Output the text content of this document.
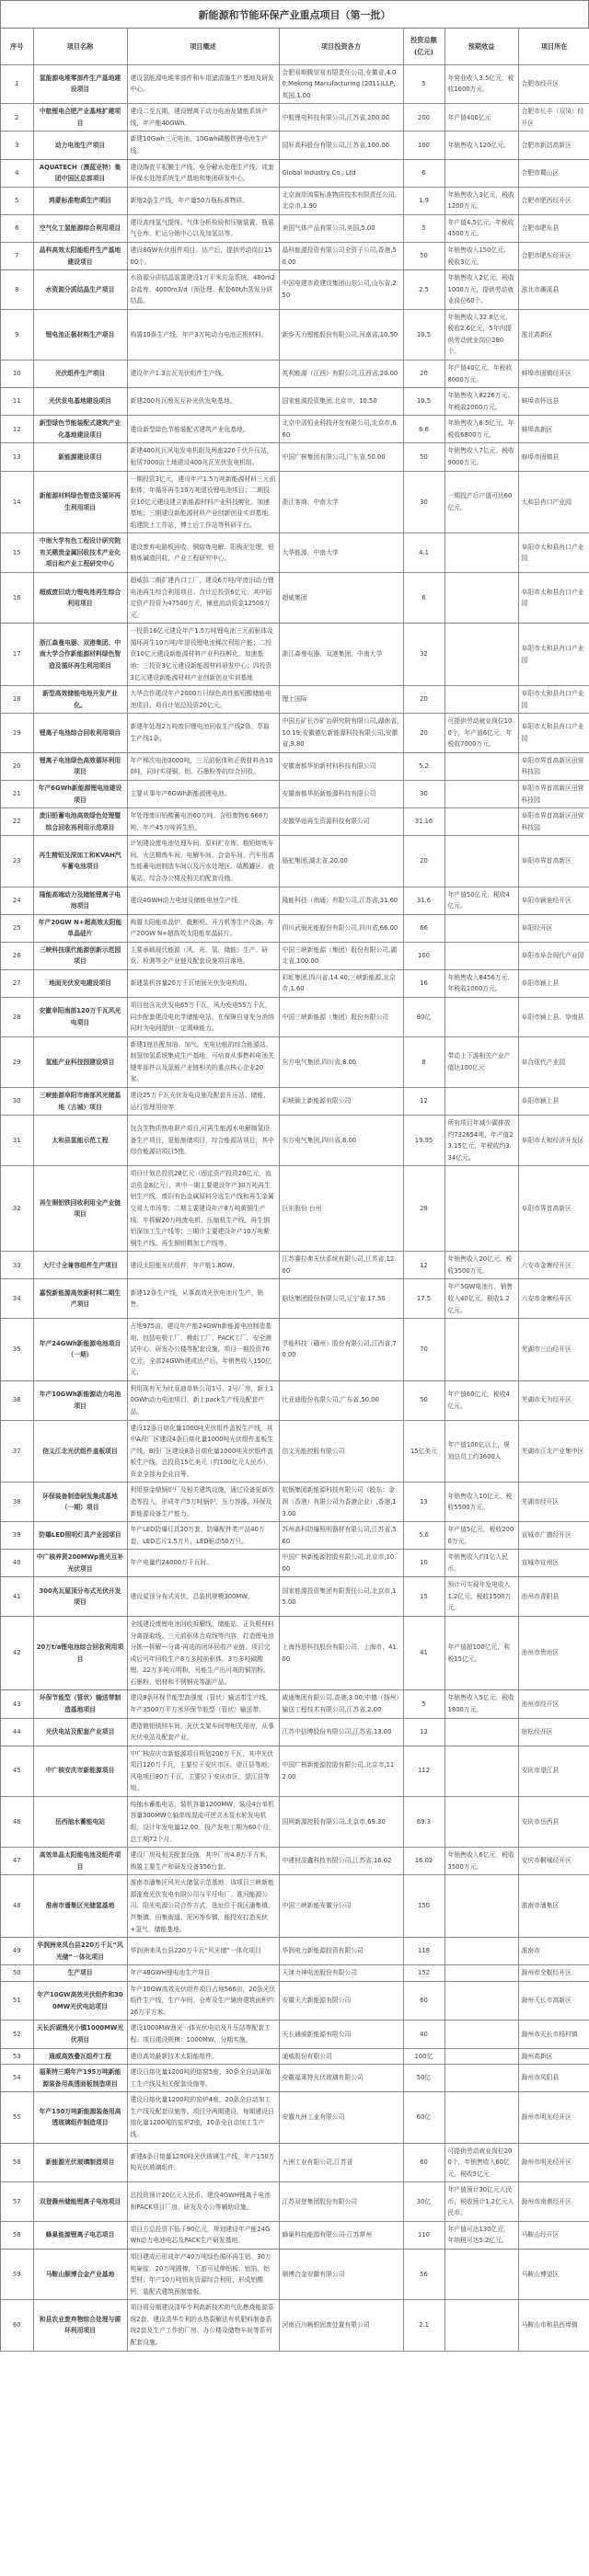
新能源和节能环保产业重点项目（第一批）
序号	项目名称	项目概述	项目投资各方	投资总额
(亿元)	预期效益	项目所在
1	氢能源电堆零部件生产基地建设项目	建设氢能源电堆零部件和车用滤清器生产基地及研发中心。	合肥易斯腾贸易有限责任公司,安徽省,4.00;Mekong Manufacturing (2011)LLP,英国,1.00	5	年营业收入3.5亿元，税收1600万元。	合肥市经开区
2	中航锂电合肥产业基地扩建项目	建设二至五期，建设锂离子动力电池及储能系统产线，年产能40GWh。	中航锂电科技有限公司,江苏省,200.00	200	年产值400亿元	合肥市长丰（双凤）经开区
3	动力电池生产项目	新建10Gwh三元电池，10Gwh磷酸铁锂电池生产线。	国轩高科股份有限公司,江苏省,100.00	100	年销售收入120亿元。	合肥市新站高新区
4	AQUATECH（澳蓝亚特）集团中国区总部项目	建设陶瓷平板膜生产线、电分解水处理生产线、成套环保水处理系统生产基地和集团研发中心。	Global Industry Co., Ltd	6		合肥市蜀山区
5	鸿蒙标准物质生产项目	新增2条生产线，年产量50万瓶标准物质。	北京海岸鸿蒙标准物质技术有限责任公司,北京市,1.90	1.9	年销售收入3亿元，税收1200万元。	合肥市肥西经开区
6	空气化工氢能源综合利用项目	建设高纯氢气提纯、气体分析检验和压缩装置、瓶装气仓库、贮运分销中心以及加氢站等。	美国气体产品有限公司,美国,5.00	5	年产值4.5亿元，年税收4500万元。	合肥市肥东县
7	晶科高效太阳能组件生产基地建设项目	建设8GW光伏组件项目。达产后，提供劳动岗位1500个。	晶科能源投资有限公司全资子公司,香港,50.00	50	年销售收入150亿元、税收3亿元。	合肥市肥东经开区
8	水资源分质结晶生产项目	水资源分质结晶装置建设1万平米应急系统、480m2杂盐库、4000m3/d（预处理、配套60t/h蒸发分质结晶。	中国电建市政建设集团山东公司,山东省,2.50	2.5	年销售收入2亿元、税收1000万元，提供劳动就业岗位60个。	淮北市濉溪县
9	锂电池正极材料生产项目	购置10条生产线，年产3万吨动力电池正极材料。	新乡天力锂能股份有限公司,河南省,10.50	10.5	年销售收入32.8亿元、税收2.6亿元，5年内提供劳动就业岗位280个。	淮北高新区
10	光伏组件生产项目	建设年产1.3吉瓦光伏组件生产线。	英利能源（江西）有限公司,江西省,20.00	20	年产值40亿元、年税收8000万元。	蚌埠市固镇经开区
11	光伏发电基地建设项目	新建200兆瓦渔光互补光伏发电基地。	国家能源投资集团,北京市，10.50	10.5	年销售收入8226万元、年税收2000万元。	蚌埠市怀远县
12	新型绿色节能装配式建筑产业化基地建设项目	建设新型绿色节能装配式建筑产业化基地。	北京中清恒业科技开发有限公司,北京市,6.60	6.6	年销售收入8.5亿元、年税收6800万元。	蚌埠高新区
13	新能源建设项目	新建400兆瓦风电发电机组及两座220千伏升压站，租赁7000亩土地建设400兆瓦光伏发电机组。	中国广核集团有限公司,广东省,50.00	50	年销售收入7亿元、税收9000万元。	蚌埠市固镇县
14	新能源材料绿色智造及循环再生利用项目	一期投资3亿元，建设年产1.5万吨新能源材料三元前驱体，年循环再生10万吨退役锂电池项目；二期投资10亿元建设建立新能源材料产业科技孵化、加速基地；三期建设新能源材料产业创新创业实训基地，组建院士工作站，博士后工作站等科研平台。	浙江客商、中南大学	30	一期投产后产值可达60亿元。	太和县肖口产业园
15	中南大学有色工程设计研究院有关稀贵金属回收技术产业化项目和产业工程研究中心	建设废弃电路板回收、铜熔炼电解、阳极泥处理、铅精炼碱渣回收，产业工程研究中心。	大华能源、中南大学	4.1		阜阳市太和县肖口产业园
16	超威废旧动力锂电池再生综合利用项目	超威拟二期扩建肖口工厂，建设6万吨/年废旧动力锂电池再生综合利用项目。合计总投资6亿元，其中固定资产投资为47500万元，铺底流动资金12500万元。	超威集团	6		阜阳市太和县肖口产业园
17	浙江森曼电器、双港集团、中南大学合作新能源材料绿色智造及循环再生利用项目	一投资16亿元建设年产1.5万吨锂电池三元前驱体及循环再生10万吨/年退役锂电池梯次利用产能；二投资10亿元建设新能源材料产业科技孵化、加速基地；三投资3亿元建设新能源材料研发中心；四投资3亿元建设新能源材料产业创新创业实训基地	浙江森曼电器、双港集团、中南大学	32		阜阳市太和县肖口产业园
18	新型高效储能电池开发产业化。	大华合作建设年产2000万只绿色高性能铅酸储能电池项目。项目计划总投资20亿元。	理士国际	20		阜阳市太和县肖口产业园
19	锂离子电池综合回收利用项目	新建年处理2万吨废旧锂电池回收生产线2条、萃取生产线1条。	中国五矿长沙矿冶研究院有限公司,湖南省,10.19;安徽德亿新能源科技有限公司,安徽省,9.80	20	可提供劳动就业岗位100个，年产值6亿元、年税收7000万元。	阜阳市太和县肖口产业园
20	锂离子电池绿色高效循环利用项目	年产梯次电池3000吨，三元前驱体和正极材料各100吨，同时实现铜、铝、石墨粉等的综合回收。	安徽南都华铂新材料科技有限公司	5.2		阜阳市界首高新区田营科技园
21	年产6GWh新能源锂电池建设项目	主要从事年产6GWh新能源锂电池。	安徽南都华拓新能源科技有限公司	30		阜阳市界首高新区田营科技园
22	废旧铅蓄电池高效绿色处理暨综合回收再利用示范项目	年处理废旧铅酸蓄电池60万吨、含铅废物6.666万吨，年产45万吨再生铅。	安徽华铂再生资源科技有限公司	31.16		阜阳市界首高新区田营科技园
23	再生精铅及深加工和KVAH汽车蓄电池项目	计划建设废电池处理车间、原料贮存库、粗铅熔炼车间、火法精炼车间、电解车间、合金车间、汽车用高性能蓄电池制造车间以及污水处理区、硫酸罐区、液氧站、综合办公楼及相关的配套设施。	骆驼集团,湖北省,20.00	20		阜阳市界首高新区
24	隆能高端动力及储能锂离子电池项目	建设4GWH动力电池及储能电池生产线。	隆能科技（南通）有限公司,江苏省,31.60	31.6	年产值50亿元，税收4亿元。	阜阳市颍泉经开区
25	年产20GW N+超高效太阳能单晶硅片	购置太阳能单晶炉、截断机、开方机等生产设备，年产20GW N+超高效太阳能单晶硅片。	四川武骏光能股份有限公司,四川省,66.00	66		阜阳经开区
26	三峡科技现代能源创新示范园项目	主要承载现代能源（风、光、氢、储能）生产、研发、检测等全产业链及配套设施项目落地。	中国三峡新能源（集团）股份有限公司,湖北省,100.00	100		阜阳市阜合现代产业园
27	地面光伏发电建设项目	新建装机容量20万千瓦地面光伏发电机组。	彩虹集团,四川省,14.40;三峡新能源,北京市,1.60	16	年销售收入8456万元、年税收1000万元。	阜阳市颍上县
28	安徽阜阳南部120万千瓦风光电项目	项目包含光伏发电65万千瓦，风力发电55万千瓦，同步配套建设电化学储能电站，在保障自身充分消纳同时为电网提供一定调峰能力。	中国三峡新能源（集团）股份有限公司	80亿		阜阳市颍上县、阜南县
29	氢能产业科技园建设项目	新建1座匹配加油、加气、充电功能的综合能源站、制氢加氢系统集成生产基地，可培育从事燃料电池关键零部件以及氢能产业链相关的重点核心企业20家。	东方电气集团,四川省,8.00	8	带动上下游相关产业产值达100亿元	阜合现代产业园
30	三峡能源阜阳市南部风光储基地（古城）项目	建设25万千瓦光伏发电设施及配套升压站、储能、运行管理用房等	彩峡颍上新能源有限公司	12		阜阳市颍上县
31	太和县氢能示范工程	包含生物质热电联产项目,可再生能源水电解制氢设备生产项目，氢能制储项目，综合能源站项目，其中综合能源站项目5座。	东方电气集团,四川省,8.00	19.95	所有项目年减少碳排放约732654吨，年产值23.15亿元，年税收约3.34亿元。	阜阳市太和经济开发区
32	再生铜铝铁回收利用全产业链项目	项目计划总投资28亿元（固定资产投资20亿元，流动资金8亿元），其中一期主要建设年产30万吨再生铝生产线、废旧有色金属原料分选生产线和再生金属交易大市场等；二期主要建设年产8万吨黄铜生产线、年拆解20万吨废电机、压缩机生产线、再生铜铝深加工生产线等；三期计主要建设年产10万吨紫铜生产线、再生铜铝精加工产线等。	巨东股份 台州	28		阜阳市界首高新区
33	大尺寸全兼容组件生产项目	建设太阳能光伏组件，年产能1.8GW。	江苏赛拉弗光伏系统有限公司,江苏省,12.00	12	年销售收入20亿元、税收3500万元。	六安市金寨经开区
34	嘉悦新能源高效新材料二期生产项目	新建12条生产线，从事高效光伏电池片生产、销售。	晗达集团股份有限公司,辽宁省,17.50	17.5	年产5GW电池片，销售收入40亿元、税收1.2亿元。	六安市金寨经开区
35	年产24GWh新能源电池项目（一期）	占地975亩，建设年产能24GWh新能源电池制造基地，包括电极工厂、模组工厂、PACK工厂、安全测试中心、研发办公楼等配套设施。项目一期投资70亿元，全部24GWh建成达产后，年销售收入150亿元,	孚能科技（赣州）股份有限公司,江西省,70.00	70		芜湖市三山经开区
36	年产10GWh新能源动力电池项目	利用现有无为比亚迪单轨公司1号、2号厂房，新上10GWh动力电池项目，新上pack生产线及配套产品。	比亚迪股份有限公司,广东省,50.00	50	年产值60亿元，税收4亿元。	芜湖市无为经开区
37	信义江北光伏组件盖板项目	建设12条日熔化量1000吨光伏组件盖板生产线，其中A段厂区建设4条日熔化量1000吨光伏组件盖板生产线，B段厂区建设8条日熔化量1000吨光伏组件盖板生产线。总投资15亿美元（约100亿元人民币），资金全部为企业自筹。	信义光能控股有限公司	15亿美元	年产值100亿以上，规划总员工约3600人	芜湖市江北产业集中区
38	环保装备制造研发集成基地（一期）项目	利用原金鼎锅炉厂及相关建筑设施，通过设备更新改造等投入，形成年产5万吨锅炉、压力容器、环保及新能源设备生产能力。	杭锅集团新能源科技有限公司（股东：金润（香港）有限公司为香港企业）,香港,13.00	13	年销售收入10亿元、税收5500万元。	芜湖市经开区
39	防爆LED照明灯具产业园项目	年产LED防爆灯具20万套，防爆配件类产品40万套，LED芯片1.5万片，LED驱动50万只。	苏州高科防爆照明器材有限公司,江苏省,5.60	5.6	年产值5亿元，税收2000万元。	宣城市广德经开区
40	中广核养贤200MWp渔光互补光伏项目	年产电量约24000万千瓦时。	中国广核新能源控股有限公司,北京市,10.00	10	年销售收入约1亿人民币。	宣城市宣州区
41	300兆瓦屋顶分布式光伏开发项目	建设屋顶分布式光伏，总装机规模300MW。	国家能源投资集团有限责任公司,北京市,15.00	15	预计可实现年发电收入1.2亿元、税收1500万元。	池州市青阳县
42	20万t/a锂电池综合回收利用项目	全线建设废锂电池回收拆解线、储能站、正负极材料分离提取线、三元前驱体合成线等内容，打造锂电池分拣—拆解—分离-再选的闭环回收产业链。项目完成后可年回收生产8万多吨前驱体、3万多吨碳酸锂、22万多吨元明粉，另能生产出可观的铜箔粉、石墨粉、铝材和不锈钢壳等副产品。	上海西恩科技股份有限公司，上海市，41.00	41	年产值超100亿元，利税15亿元。	池州市贵池区
43	环保节能型（管状）输送带制造基地项目	建设8条环保节能型高强度（管状）输送带生产线，年产3500万平方米环保节能型（管状）输送带。	威通集团有限公司,香港,3.00;中德（扬州）输送工程技术有限公司,江苏省,2.00	5	年销售收入5亿元、税收1800万元。	池州市经开区
44	光伏电站及配套产业项目	建造镀铝镁锌车间、光伏支架车间等相关用房，从事光伏电站及配套产业。	江苏中信博股份有限公司,江苏省,13.00	13		宿松经开区
45	中广核安庆市新能源项目	中广核安庆市新能源项目规划200万千瓦，其中光伏项目120万千瓦，主要位于安庆市区、望江县等地；风电项目80万千瓦，主要位于安庆市区、望江县等地。	中国广核新能源控股有限公司,北京市,112.00	112		安庆市望江县
46	岳西抽水蓄能电站	纯抽水蓄能电站，装机容量1200MW，装设4台单机容量300MW立轴单级混流可逆式水泵水轮发电机组，设计年发电量12.00。投产发电工期为60个月，总工期72个月。	国网新源控股有限公司,北京市,69.30	69.3		安庆市岳西县
47	高效单晶太阳能电池及组件项目	建设厂房及相关配套设施，其中厂房4.8万平方米，购置主要生产和研发设备356台套。	中建材浚鑫科技有限公司,江苏省,16.02	16.02	年销售收入6亿元、税收3500万元。	安庆市桐城经开区
48	淮南市潘集区光储氢基地	淮南市潘集区风光火储氢示范基地：该项目三峡新能源淮南光伏发电有限公司与平圩电厂、淮河能源公司、阳光电源公司合作方式，选址位于我区潘集镇、芦集镇、田集街道、泥河等乡镇，能投安打造光伏+氢气、储能基地。	中国三峡新能安徽分公司	150		淮南市潘集区
49	华润洲来凤台县220万千瓦“风光储”一体化项目	华润洲来凤台县220万千瓦“风光储”一体化项目	华润电力新能源投资有限公司	118		淮南市
50	生产项目	年产48GWH锂电池生产项目	天津力神电池股份有限公司	152		滁州市全椒经开区
51	年产10GW高效光伏组件和300MW光伏电站项目	年产10GW高效光伏组件项目占地566亩，20条光伏组件生产线，生产车间、仓库及生产辅房建筑面积约26万平方米。	安徽天大新能源有限公司	60		滁州天长市高新区
52	天长沂湖渔光小镇1000MW光伏项目	建设1000MW渔光一体光伏电站及升压站等配套工程。项目建设规模：1000MW，分期实施。	天长通威新能源有限公司	40		滁州市天长市杨村镇
53	通威高效叠瓦组件工程	建设高效最新技术太阳能组件。	通威股份有限公司	100亿		滁州高新区
54	福莱特三期年产195万吨新能源装备用高透面板制造项目	建设日熔化量1200吨的熔窑5座，30条全自动深加工生产线及相关配套设施等。	安徽福莱特光伏玻璃有限公司	50亿		滁州市凤阳县
55	年产150万吨新能源装备用高透玻璃组件制造项目	建设日熔化量1200吨的窑炉4座，20条全自动加工生产线及配套设施等。项目分两期建设，每期建设日熔化量1200吨的窑炉2座，10条全自动加工生产线。	安徽九洲工业有限公司	60亿		滁州市明光经开区
56	新能源光伏玻璃制造项目	新建6条日熔量1200吨光伏玻璃生产线，年产150万吨光伏玻璃组件。	九洲工业有限公司,江苏省	60	可提供劳动就业岗位200个，年销售收入60亿元、税收5亿元	滁州市明光经开区
57	双登滁州储能锂离子电池项目	总投资预计20亿元人民币，建设4GWH锂离子电池和PACK项目厂房、研发及办公等辅助设施。	江苏双登集团股份有限公司	30亿	年产值预计30亿元人民币，税收预计1.2亿元人民币。	滁州市南谯经开区
58	蜂巢能源锂离子电芯项目	项目方总投资不低于90亿元，规划建设年产能24GWh动力电池电芯及PACK生产研发基地。	蜂巢科技能源有限公司-江苏常州	110	年产值可达130亿元，年纳税可达5.2亿元。	马鞍山经开区
59	马鞍山顺博合金产业基地	项目建成后形成年产40万吨绿色循环再生铝、30万吨扁锭、20万吨圆棒，下游可延伸铝板、铝箔、铝型材；年产10万吨铝灰资源综合利用，形成铝酸钙、装配式建筑预制墙板。	顺博合金安徽有限公司	56		马鞍山博望区
60	和县农业废弃物综合处理与循环利用项目	项目将分期建设清华专利高新技术的气化燃烧能源系统2套、建设清华专利的水热裂解法有机肥料制备系统2套及生产工作的厂房、办公楼及储物车间等系列配套设施。	河南百川畅银固废处置有限公司	2.1		马鞍山市和县西埠镇
